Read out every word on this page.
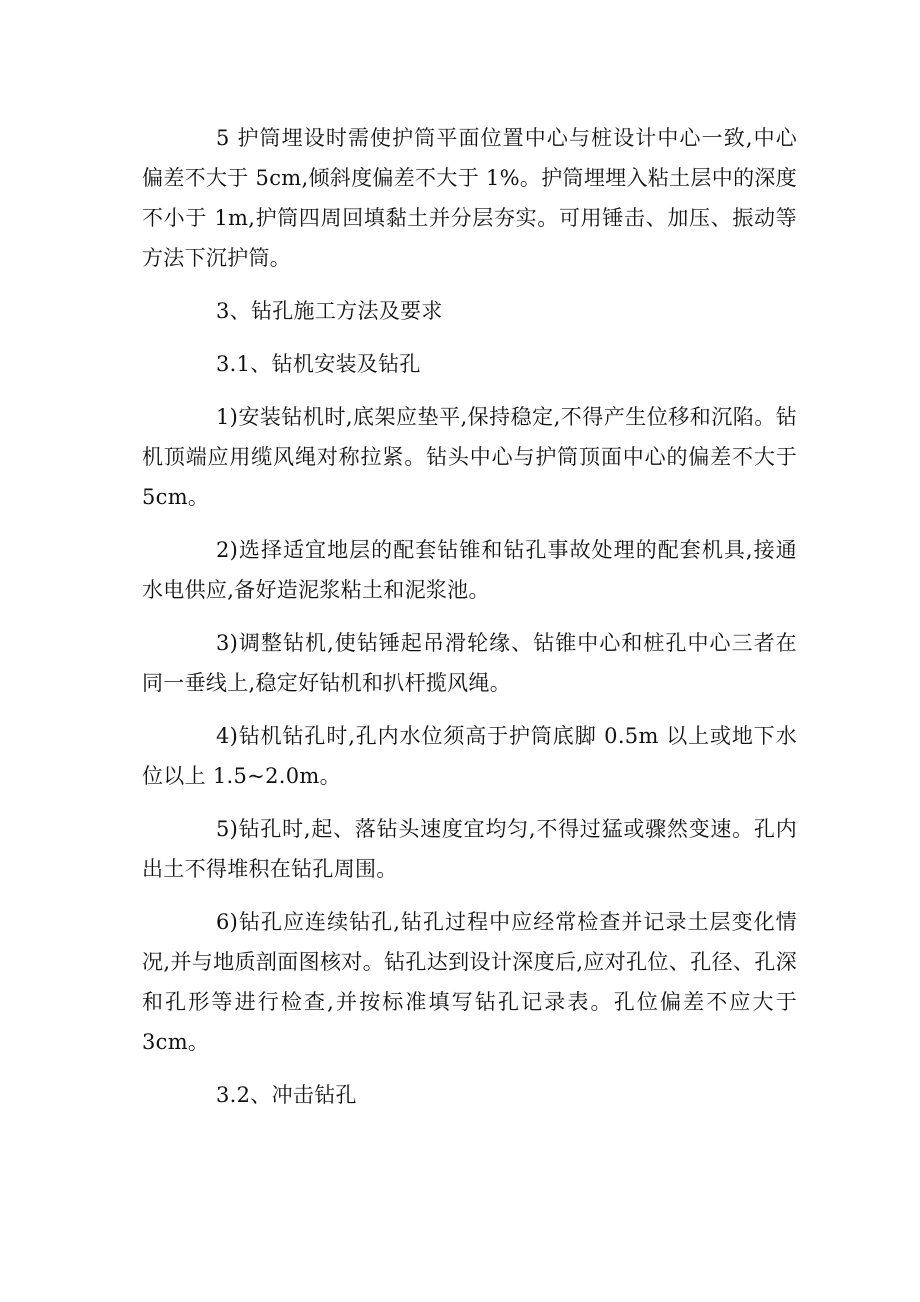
5 护筒埋设时需使护筒平面位置中心与桩设计中心一致,中心偏差不大于 5cm,倾斜度偏差不大于 1%。护筒埋埋入粘土层中的深度不小于 1m,护筒四周回填黏土并分层夯实。可用锤击、加压、振动等方法下沉护筒。

3、钻孔施工方法及要求

3.1、钻机安装及钻孔

1)安装钻机时,底架应垫平,保持稳定,不得产生位移和沉陷。钻机顶端应用缆风绳对称拉紧。钻头中心与护筒顶面中心的偏差不大于 5cm。

2)选择适宜地层的配套钻锥和钻孔事故处理的配套机具,接通水电供应,备好造泥浆粘土和泥浆池。

3)调整钻机,使钻锤起吊滑轮缘、钻锥中心和桩孔中心三者在同一垂线上,稳定好钻机和扒杆揽风绳。

4)钻机钻孔时,孔内水位须高于护筒底脚 0.5m 以上或地下水位以上 1.5~2.0m。

5)钻孔时,起、落钻头速度宜均匀,不得过猛或骤然变速。孔内出土不得堆积在钻孔周围。

6)钻孔应连续钻孔,钻孔过程中应经常检查并记录土层变化情况,并与地质剖面图核对。钻孔达到设计深度后,应对孔位、孔径、孔深和孔形等进行检查,并按标准填写钻孔记录表。孔位偏差不应大于3cm。

3.2、冲击钻孔
